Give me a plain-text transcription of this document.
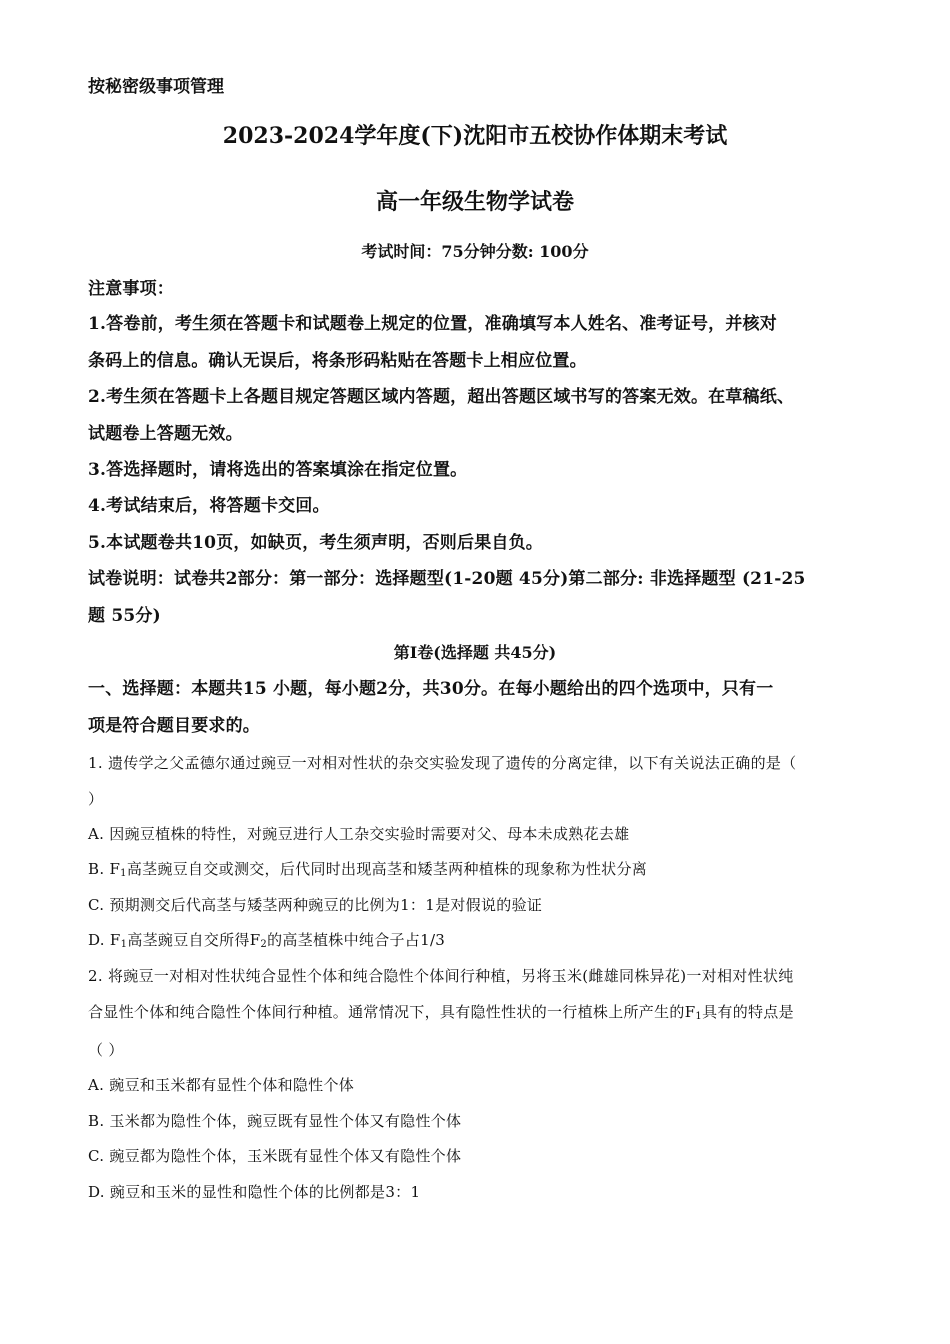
按秘密级事项管理
2023-2024学年度(下)沈阳市五校协作体期末考试
高一年级生物学试卷
考试时间：75分钟分数: 100分
注意事项：
1.答卷前，考生须在答题卡和试题卷上规定的位置，准确填写本人姓名、准考证号，并核对
条码上的信息。确认无误后，将条形码粘贴在答题卡上相应位置。
2.考生须在答题卡上各题目规定答题区域内答题，超出答题区域书写的答案无效。在草稿纸、
试题卷上答题无效。
3.答选择题时，请将选出的答案填涂在指定位置。
4.考试结束后，将答题卡交回。
5.本试题卷共10页，如缺页，考生须声明，否则后果自负。
试卷说明：试卷共2部分：第一部分：选择题型(1-20题 45分)第二部分: 非选择题型 (21-25
题 55分)
第Ⅰ卷(选择题 共45分)
一、选择题：本题共15 小题，每小题2分，共30分。在每小题给出的四个选项中，只有一
项是符合题目要求的。
1. 遗传学之父孟德尔通过豌豆一对相对性状的杂交实验发现了遗传的分离定律，以下有关说法正确的是（
）
A. 因豌豆植株的特性，对豌豆进行人工杂交实验时需要对父、母本未成熟花去雄
B. $F_1$高茎豌豆自交或测交，后代同时出现高茎和矮茎两种植株的现象称为性状分离
C. 预期测交后代高茎与矮茎两种豌豆的比例为1：1是对假说的验证
D. $F_1$高茎豌豆自交所得$F_2$的高茎植株中纯合子占1/3
2. 将豌豆一对相对性状纯合显性个体和纯合隐性个体间行种植，另将玉米(雌雄同株异花)一对相对性状纯
合显性个体和纯合隐性个体间行种植。通常情况下，具有隐性性状的一行植株上所产生的$F_1$具有的特点是
（ ）
A. 豌豆和玉米都有显性个体和隐性个体
B. 玉米都为隐性个体，豌豆既有显性个体又有隐性个体
C. 豌豆都为隐性个体，玉米既有显性个体又有隐性个体
D. 豌豆和玉米的显性和隐性个体的比例都是3：1
